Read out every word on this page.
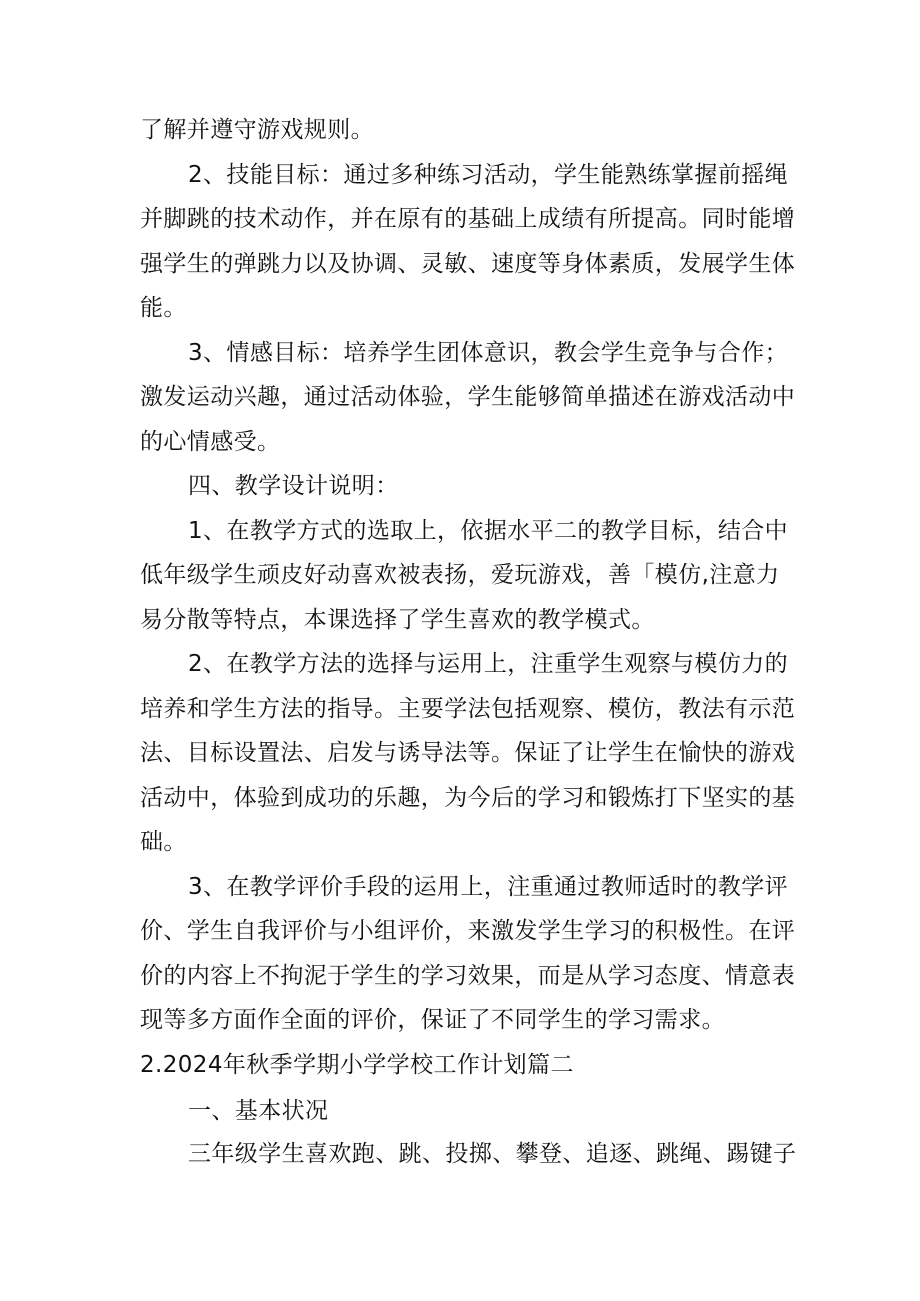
了解并遵守游戏规则。

2、技能目标：通过多种练习活动，学生能熟练掌握前摇绳

并脚跳的技术动作，并在原有的基础上成绩有所提高。同时能增

强学生的弹跳力以及协调、灵敏、速度等身体素质，发展学生体

能。

3、情感目标：培养学生团体意识，教会学生竞争与合作；

激发运动兴趣，通过活动体验，学生能够简单描述在游戏活动中

的心情感受。

四、教学设计说明：

1、在教学方式的选取上，依据水平二的教学目标，结合中

低年级学生顽皮好动喜欢被表扬，爱玩游戏，善「模仿,注意力

易分散等特点，本课选择了学生喜欢的教学模式。

2、在教学方法的选择与运用上，注重学生观察与模仿力的

培养和学生方法的指导。主要学法包括观察、模仿，教法有示范

法、目标设置法、启发与诱导法等。保证了让学生在愉快的游戏

活动中，体验到成功的乐趣，为今后的学习和锻炼打下坚实的基

础。

3、在教学评价手段的运用上，注重通过教师适时的教学评

价、学生自我评价与小组评价，来激发学生学习的积极性。在评

价的内容上不拘泥于学生的学习效果，而是从学习态度、情意表

现等多方面作全面的评价，保证了不同学生的学习需求。

2.2024年秋季学期小学学校工作计划篇二

一、基本状况

三年级学生喜欢跑、跳、投掷、攀登、追逐、跳绳、踢键子
